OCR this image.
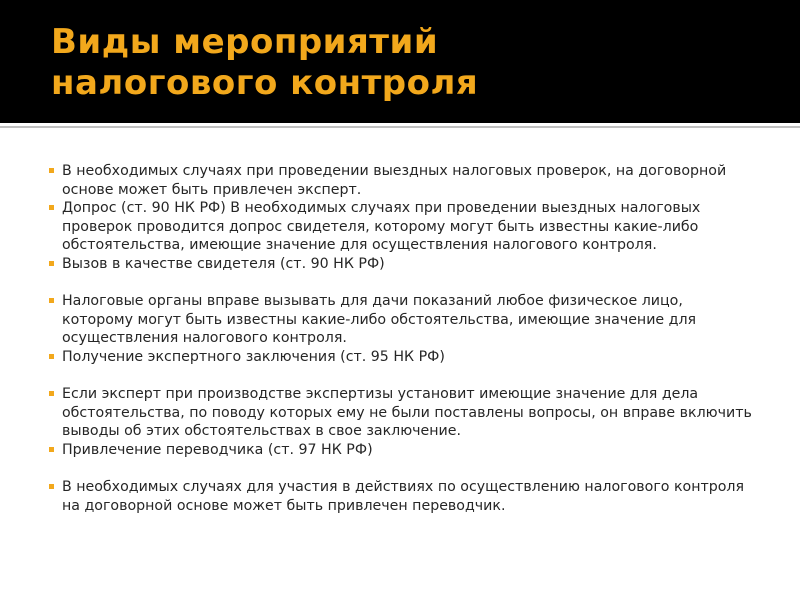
Виды мероприятий
налогового контроля
В необходимых случаях при проведении выездных налоговых проверок, на договорной основе может быть привлечен эксперт.
Допрос (ст. 90 НК РФ) В необходимых случаях при проведении выездных налоговых проверок проводится допрос свидетеля, которому могут быть известны какие-либо обстоятельства, имеющие значение для осуществления налогового контроля.
Вызов в качестве свидетеля (ст. 90 НК РФ)
Налоговые органы вправе вызывать для дачи показаний любое физическое лицо, которому могут быть известны какие-либо обстоятельства, имеющие значение для осуществления налогового контроля.
Получение экспертного заключения (ст. 95 НК РФ)
Если эксперт при производстве экспертизы установит имеющие значение для дела обстоятельства, по поводу которых ему не были поставлены вопросы, он вправе включить выводы об этих обстоятельствах в свое заключение.
Привлечение переводчика (ст. 97 НК РФ)
В необходимых случаях для участия в действиях по осуществлению налогового контроля на договорной основе может быть привлечен переводчик.
